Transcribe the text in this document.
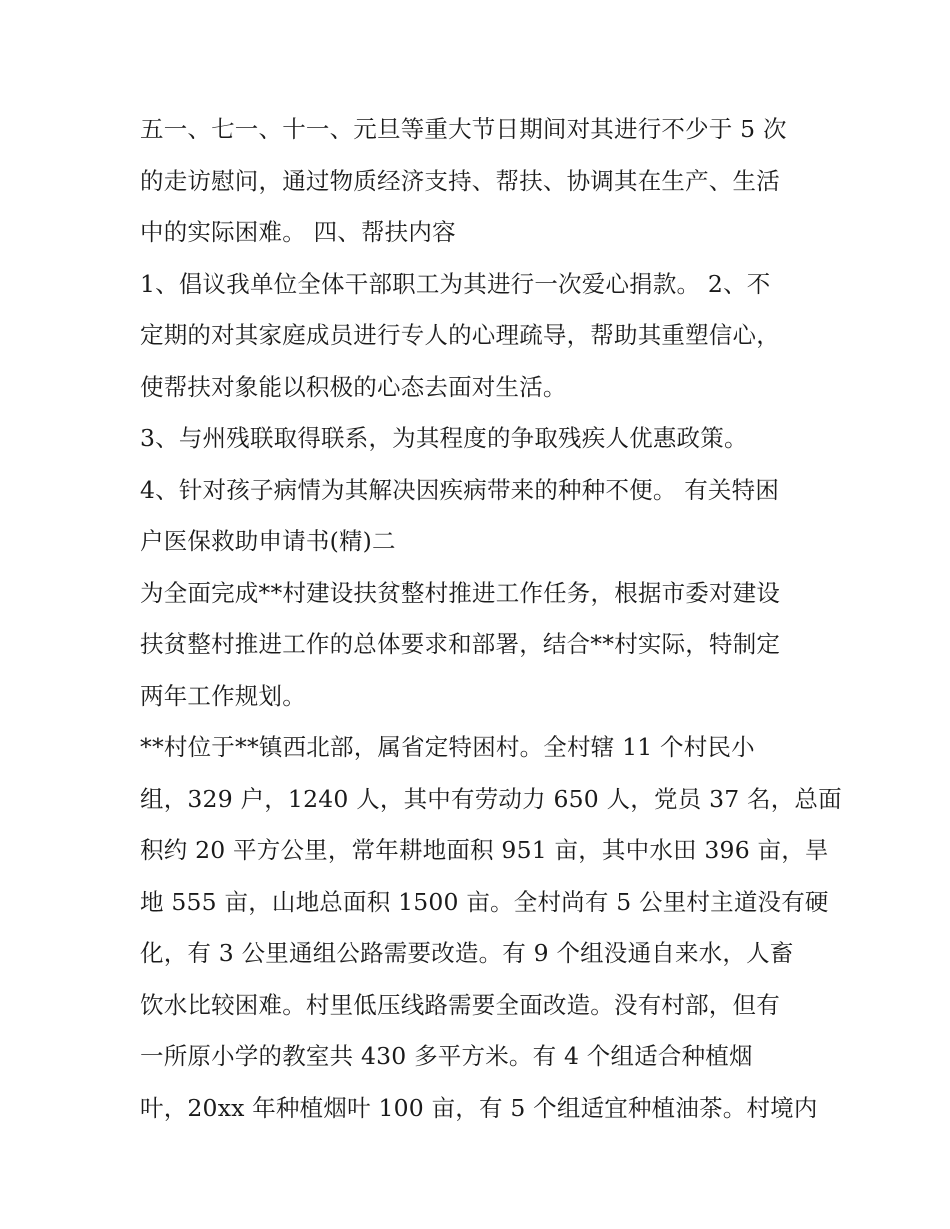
五一、七一、十一、元旦等重大节日期间对其进行不少于 5 次
的走访慰问，通过物质经济支持、帮扶、协调其在生产、生活
中的实际困难。 四、帮扶内容
1、倡议我单位全体干部职工为其进行一次爱心捐款。 2、不
定期的对其家庭成员进行专人的心理疏导，帮助其重塑信心，
使帮扶对象能以积极的心态去面对生活。
3、与州残联取得联系，为其程度的争取残疾人优惠政策。
4、针对孩子病情为其解决因疾病带来的种种不便。 有关特困
户医保救助申请书(精)二
为全面完成**村建设扶贫整村推进工作任务，根据市委对建设
扶贫整村推进工作的总体要求和部署，结合**村实际，特制定
两年工作规划。
**村位于**镇西北部，属省定特困村。全村辖 11 个村民小
组，329 户，1240 人，其中有劳动力 650 人，党员 37 名，总面
积约 20 平方公里，常年耕地面积 951 亩，其中水田 396 亩，旱
地 555 亩，山地总面积 1500 亩。全村尚有 5 公里村主道没有硬
化，有 3 公里通组公路需要改造。有 9 个组没通自来水，人畜
饮水比较困难。村里低压线路需要全面改造。没有村部，但有
一所原小学的教室共 430 多平方米。有 4 个组适合种植烟
叶，20xx 年种植烟叶 100 亩，有 5 个组适宜种植油茶。村境内
